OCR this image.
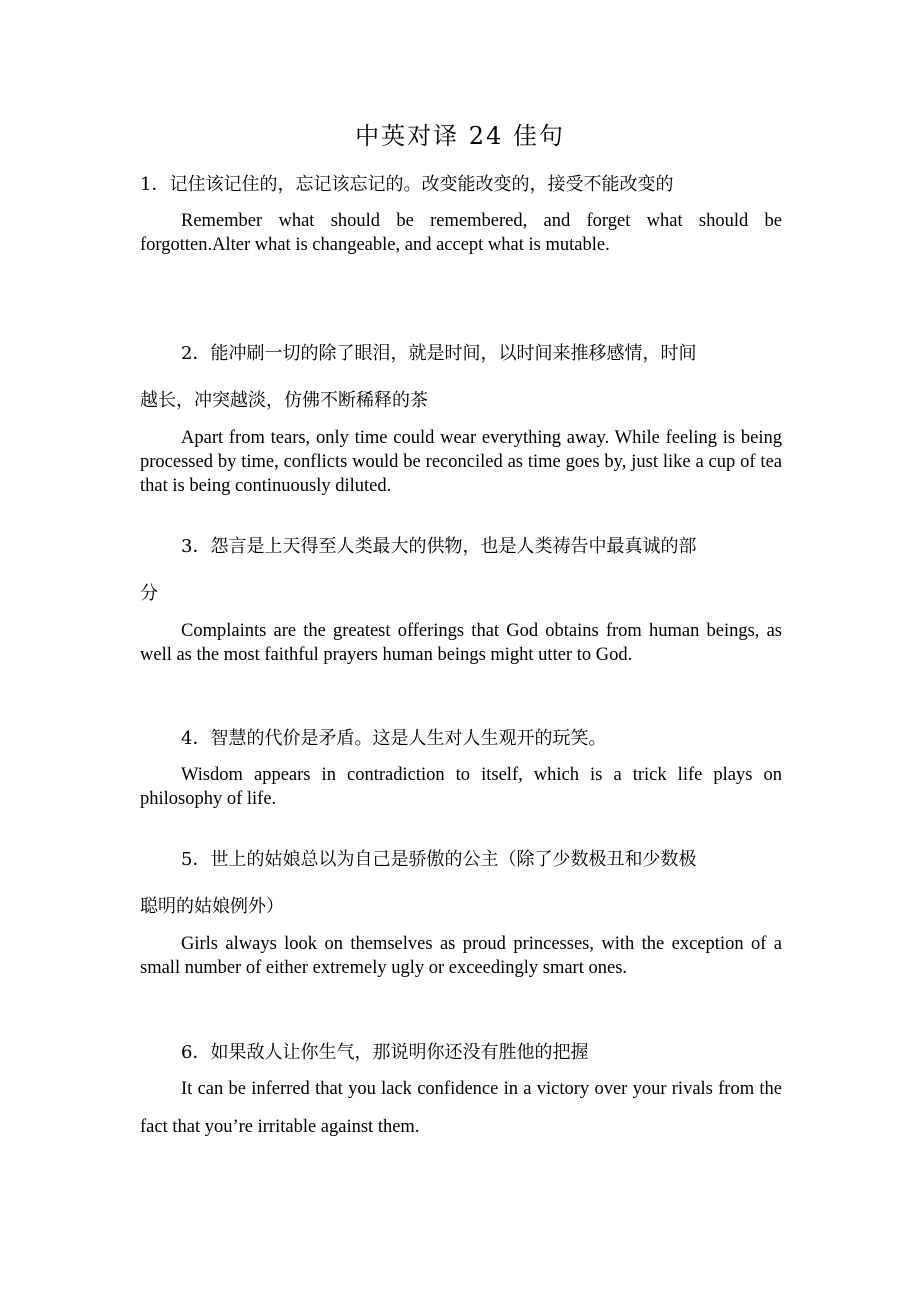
中英对译 24 佳句
1．记住该记住的，忘记该忘记的。改变能改变的，接受不能改变的
Remember what should be remembered, and forget what should be forgotten.Alter what is changeable, and accept what is mutable.
2．能冲刷一切的除了眼泪，就是时间，以时间来推移感情，时间
越长，冲突越淡，仿佛不断稀释的茶
Apart from tears, only time could wear everything away. While feeling is being processed by time, conflicts would be reconciled as time goes by, just like a cup of tea that is being continuously diluted.
3．怨言是上天得至人类最大的供物，也是人类祷告中最真诚的部
分
Complaints are the greatest offerings that God obtains from human beings, as well as the most faithful prayers human beings might utter to God.
4．智慧的代价是矛盾。这是人生对人生观开的玩笑。
Wisdom appears in contradiction to itself, which is a trick life plays on philosophy of life.
5．世上的姑娘总以为自己是骄傲的公主（除了少数极丑和少数极
聪明的姑娘例外）
Girls always look on themselves as proud princesses, with the exception of a small number of either extremely ugly or exceedingly smart ones.
6．如果敌人让你生气，那说明你还没有胜他的把握
It can be inferred that you lack confidence in a victory over your rivals from the fact that you’re irritable against them.
